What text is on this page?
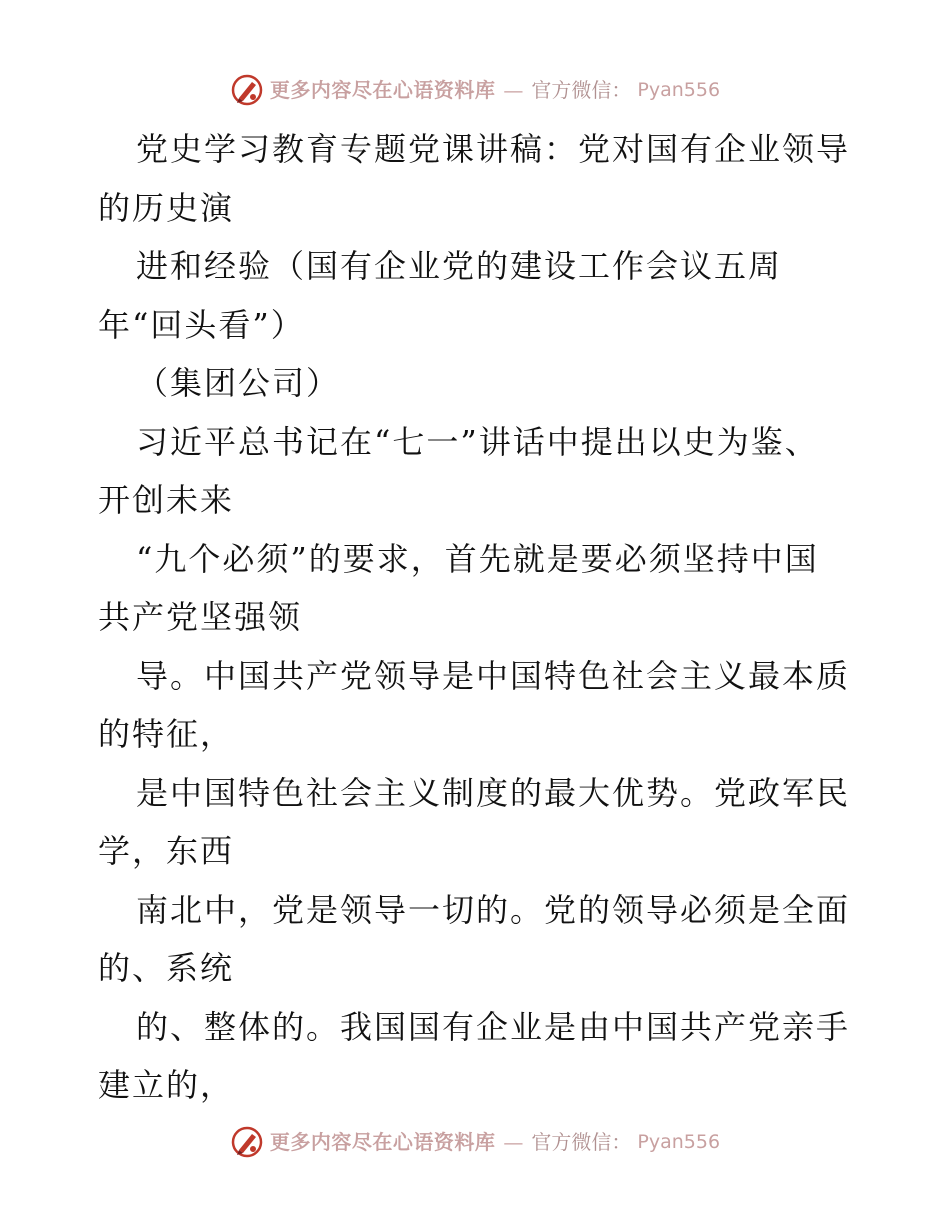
更多内容尽在心语资料库 — 官方微信： Pyan556
党史学习教育专题党课讲稿：党对国有企业领导
的历史演
进和经验（国有企业党的建设工作会议五周
年“回头看”）
（集团公司）
习近平总书记在“七一”讲话中提出以史为鉴、
开创未来
“九个必须”的要求，首先就是要必须坚持中国
共产党坚强领
导。中国共产党领导是中国特色社会主义最本质
的特征，
是中国特色社会主义制度的最大优势。党政军民
学，东西
南北中，党是领导一切的。党的领导必须是全面
的、系统
的、整体的。我国国有企业是由中国共产党亲手
建立的，
更多内容尽在心语资料库 — 官方微信： Pyan556
